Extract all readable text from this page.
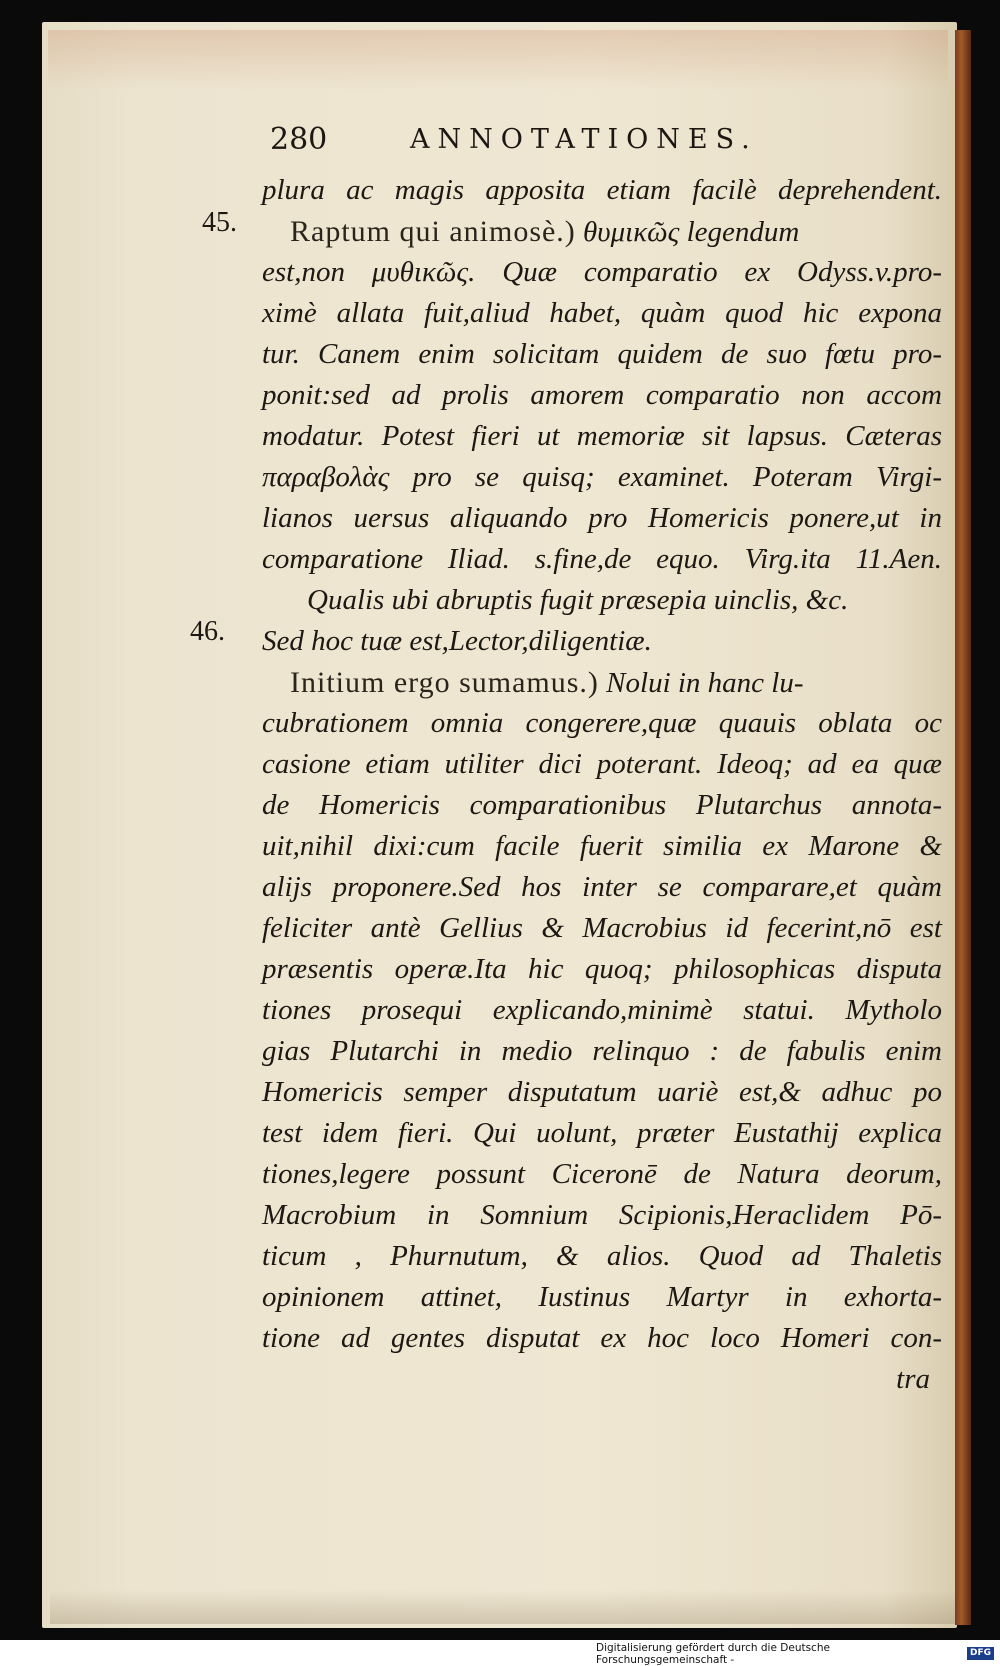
280	ANNOTATIONES.
45.
46.
plura ac magis apposita etiam facilè deprehendent.
Raptum qui animosè.) θυμικῶς legendum
est,non μυθικῶς. Quæ comparatio ex Odyss.v.pro-
ximè allata fuit,aliud habet, quàm quod hic expona
tur. Canem enim solicitam quidem de suo fœtu pro-
ponit:sed ad prolis amorem comparatio non accom
modatur. Potest fieri ut memoriæ sit lapsus. Cæteras
παραβολὰς pro se quisq; examinet. Poteram Virgi-
lianos uersus aliquando pro Homericis ponere,ut in
comparatione Iliad. s.fine,de equo. Virg.ita 11.Aen.
Qualis ubi abruptis fugit præsepia uinclis, &c.
Sed hoc tuæ est,Lector,diligentiæ.
Initium ergo sumamus.) Nolui in hanc lu-
cubrationem omnia congerere,quæ quauis oblata oc
casione etiam utiliter dici poterant. Ideoq; ad ea quæ
de Homericis comparationibus Plutarchus annota-
uit,nihil dixi:cum facile fuerit similia ex Marone &
alijs proponere.Sed hos inter se comparare,et quàm
feliciter antè Gellius & Macrobius id fecerint,nō est
præsentis operæ.Ita hic quoq; philosophicas disputa
tiones prosequi explicando,minimè statui. Mytholo
gias Plutarchi in medio relinquo : de fabulis enim
Homericis semper disputatum uariè est,& adhuc po
test idem fieri. Qui uolunt, præter Eustathij explica
tiones,legere possunt Ciceronē de Natura deorum,
Macrobium in Somnium Scipionis,Heraclidem Pō-
ticum , Phurnutum, & alios. Quod ad Thaletis
opinionem attinet, Iustinus Martyr in exhorta-
tione ad gentes disputat ex hoc loco Homeri con-
tra
Digitalisierung gefördert durch die Deutsche Forschungsgemeinschaft -
DFG
